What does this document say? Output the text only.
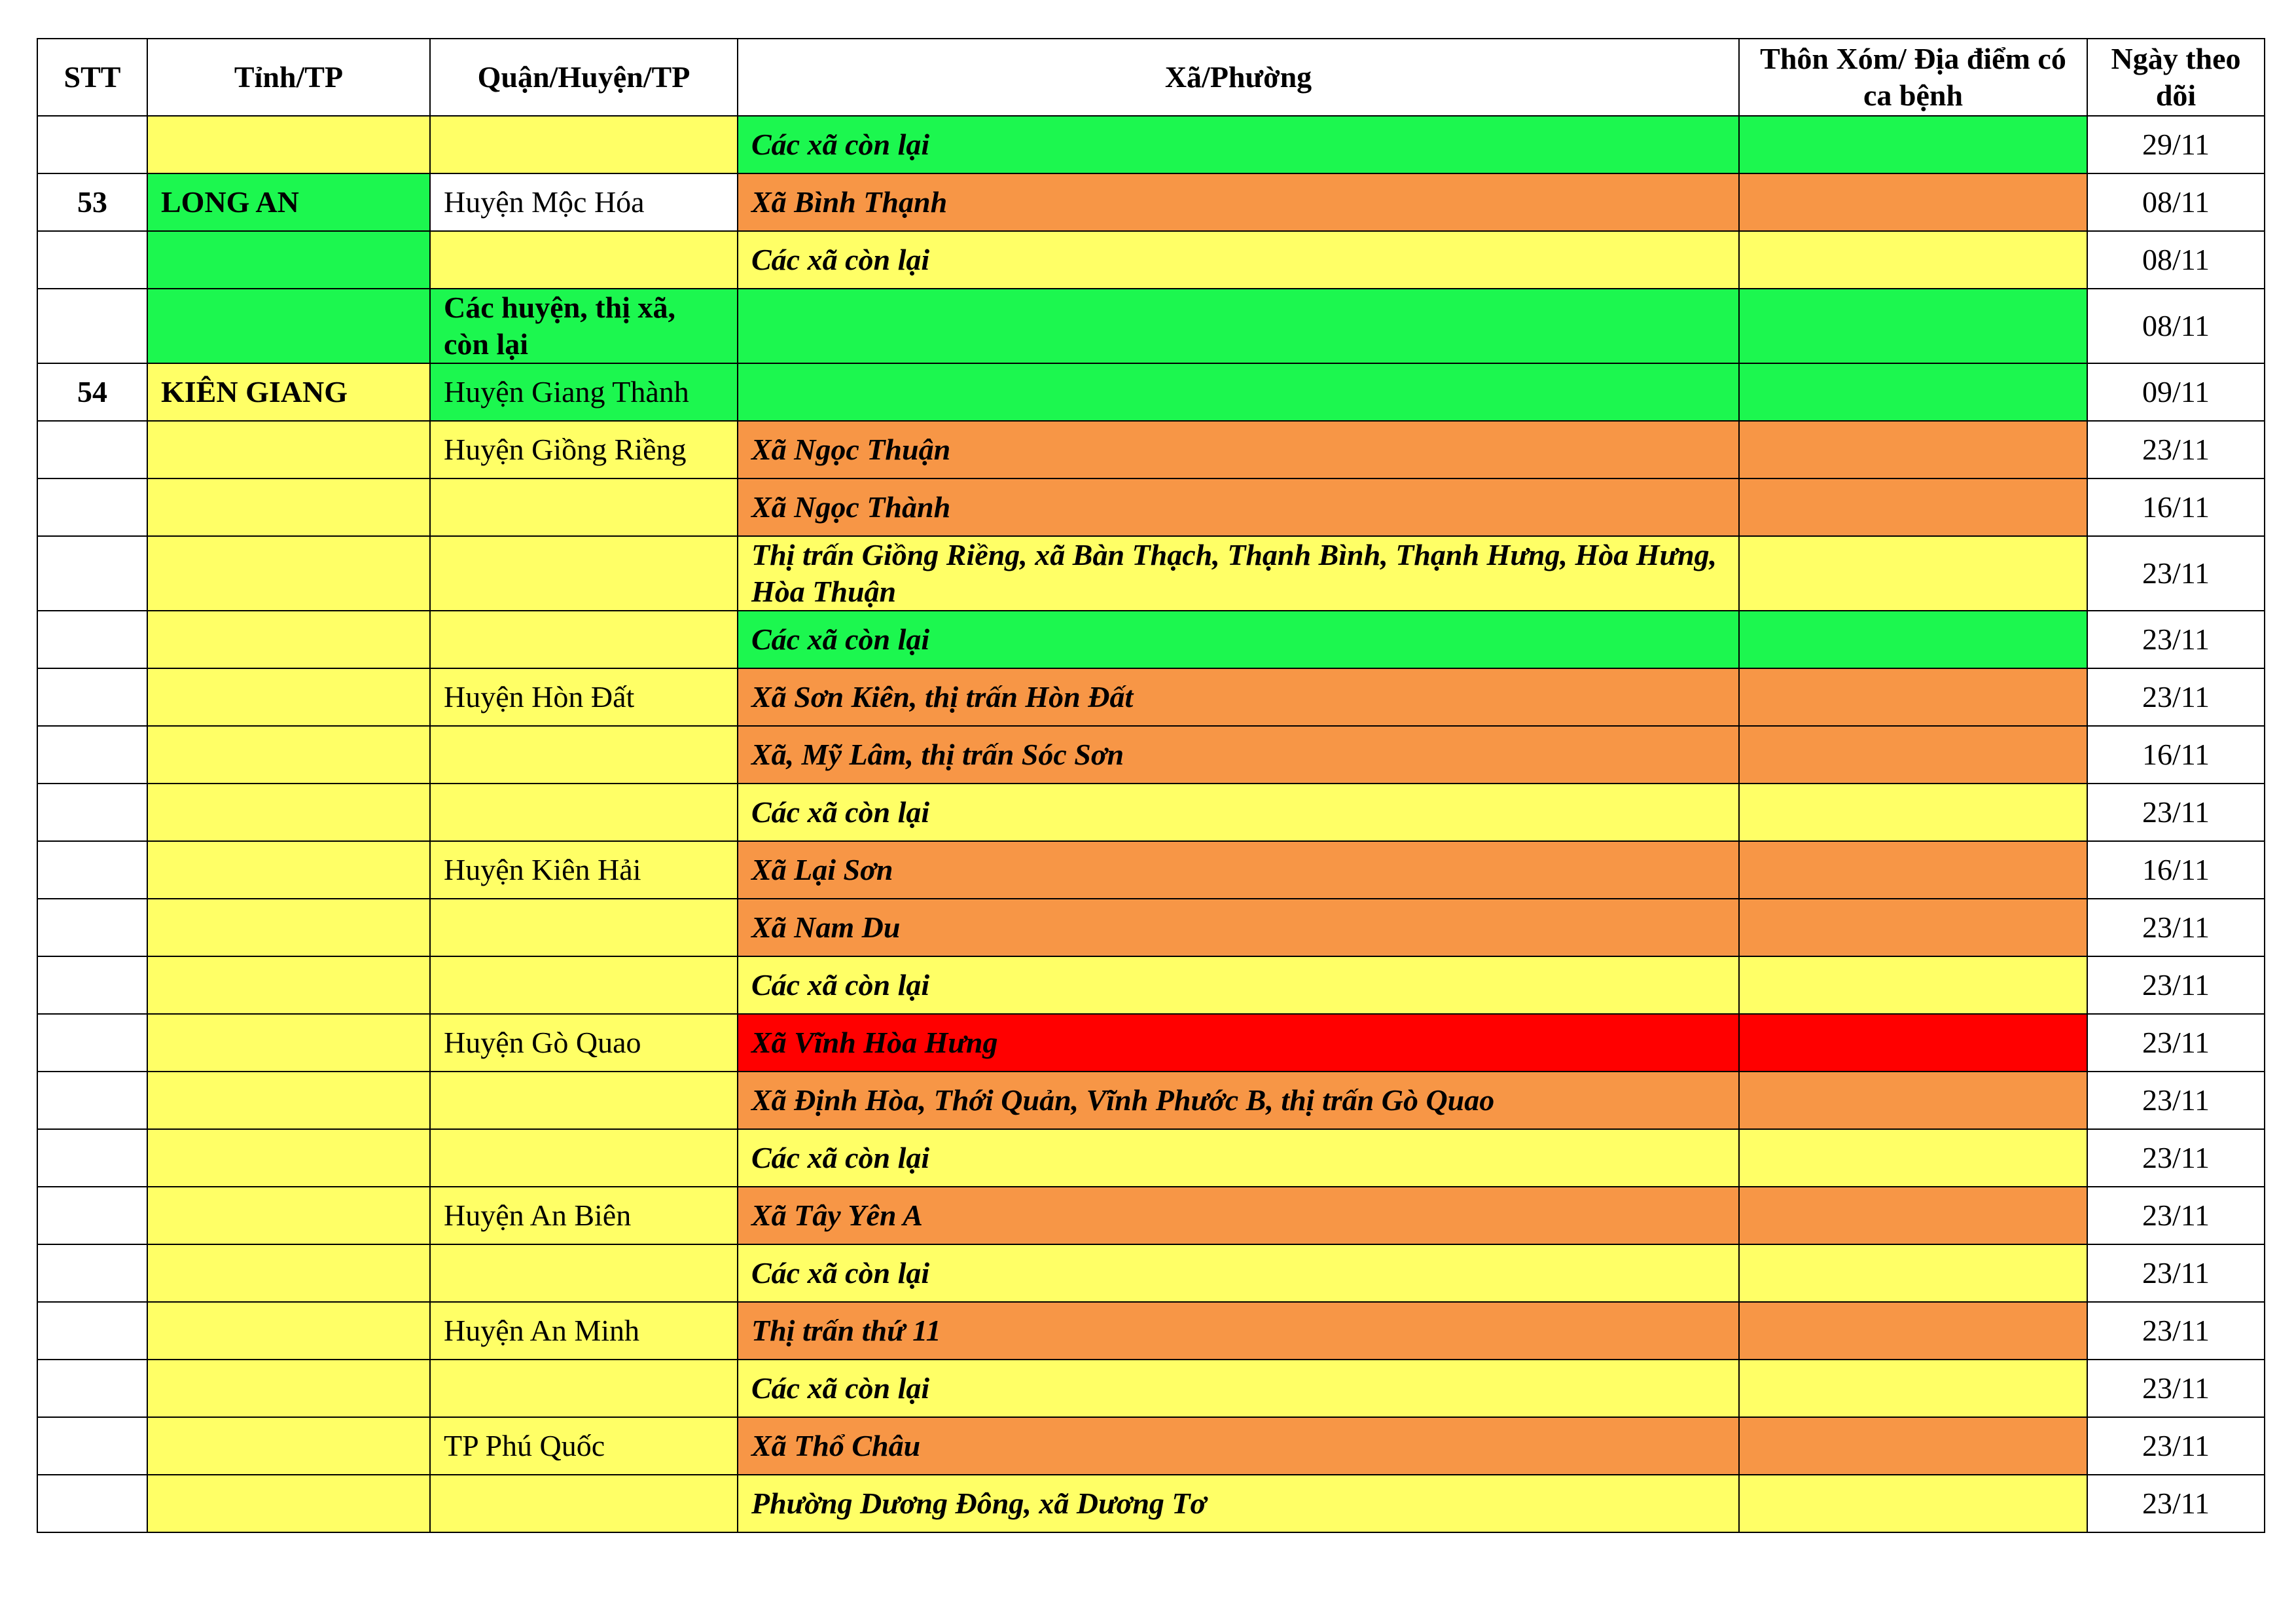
STT	Tỉnh/TP	Quận/Huyện/TP	Xã/Phường	Thôn Xóm/ Địa điểm có ca bệnh	Ngày theo dõi
			Các xã còn lại		29/11
53	LONG AN	Huyện Mộc Hóa	Xã Bình Thạnh		08/11
			Các xã còn lại		08/11
		Các huyện, thị xã, còn lại			08/11
54	KIÊN GIANG	Huyện Giang Thành			09/11
		Huyện Giồng Riềng	Xã Ngọc Thuận		23/11
			Xã Ngọc Thành		16/11
			Thị trấn Giồng Riềng, xã Bàn Thạch, Thạnh Bình, Thạnh Hưng, Hòa Hưng, Hòa Thuận		23/11
			Các xã còn lại		23/11
		Huyện Hòn Đất	Xã Sơn Kiên, thị trấn Hòn Đất		23/11
			Xã, Mỹ Lâm, thị trấn Sóc Sơn		16/11
			Các xã còn lại		23/11
		Huyện Kiên Hải	Xã Lại Sơn		16/11
			Xã Nam Du		23/11
			Các xã còn lại		23/11
		Huyện Gò Quao	Xã Vĩnh Hòa Hưng		23/11
			Xã Định Hòa, Thới Quản, Vĩnh Phước B, thị trấn Gò Quao		23/11
			Các xã còn lại		23/11
		Huyện An Biên	Xã Tây Yên A		23/11
			Các xã còn lại		23/11
		Huyện An Minh	Thị trấn thứ 11		23/11
			Các xã còn lại		23/11
		TP Phú Quốc	Xã Thổ Châu		23/11
			Phường Dương Đông, xã Dương Tơ		23/11
